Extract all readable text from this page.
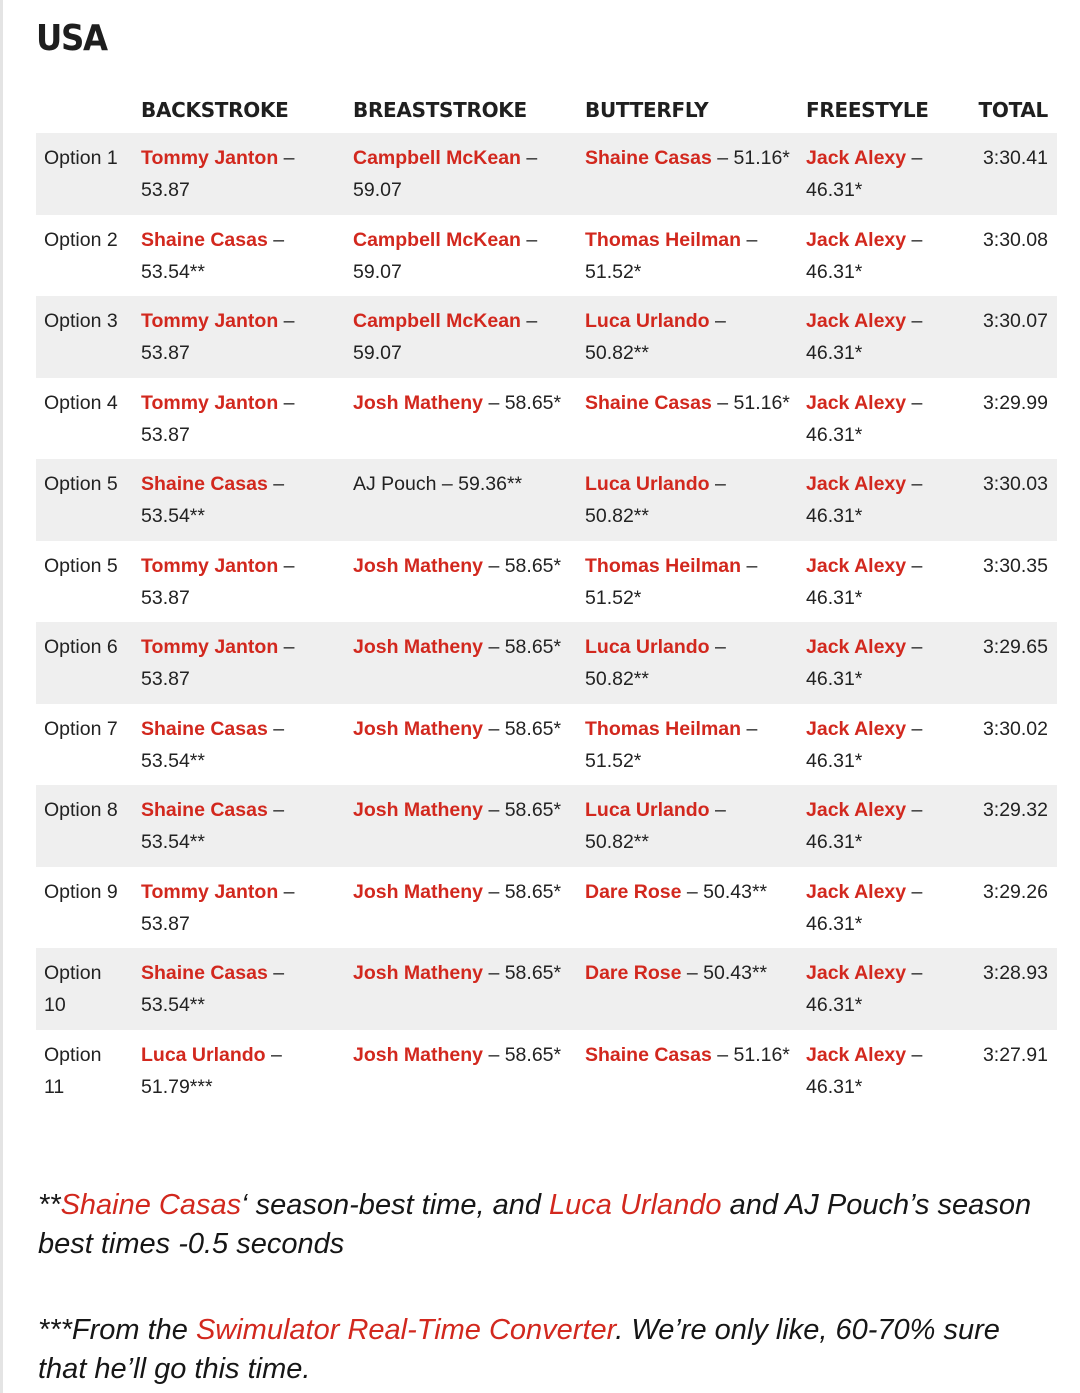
USA
	BACKSTROKE	BREASTSTROKE	BUTTERFLY	FREESTYLE	TOTAL
Option 1	Tommy Janton – 53.87	Campbell McKean – 59.07	Shaine Casas – 51.16*	Jack Alexy – 46.31*	3:30.41
Option 2	Shaine Casas – 53.54**	Campbell McKean – 59.07	Thomas Heilman – 51.52*	Jack Alexy – 46.31*	3:30.08
Option 3	Tommy Janton – 53.87	Campbell McKean – 59.07	Luca Urlando – 50.82**	Jack Alexy – 46.31*	3:30.07
Option 4	Tommy Janton – 53.87	Josh Matheny – 58.65*	Shaine Casas – 51.16*	Jack Alexy – 46.31*	3:29.99
Option 5	Shaine Casas – 53.54**	AJ Pouch – 59.36**	Luca Urlando – 50.82**	Jack Alexy – 46.31*	3:30.03
Option 5	Tommy Janton – 53.87	Josh Matheny – 58.65*	Thomas Heilman – 51.52*	Jack Alexy – 46.31*	3:30.35
Option 6	Tommy Janton – 53.87	Josh Matheny – 58.65*	Luca Urlando – 50.82**	Jack Alexy – 46.31*	3:29.65
Option 7	Shaine Casas – 53.54**	Josh Matheny – 58.65*	Thomas Heilman – 51.52*	Jack Alexy – 46.31*	3:30.02
Option 8	Shaine Casas – 53.54**	Josh Matheny – 58.65*	Luca Urlando – 50.82**	Jack Alexy – 46.31*	3:29.32
Option 9	Tommy Janton – 53.87	Josh Matheny – 58.65*	Dare Rose – 50.43**	Jack Alexy – 46.31*	3:29.26
Option 10	Shaine Casas – 53.54**	Josh Matheny – 58.65*	Dare Rose – 50.43**	Jack Alexy – 46.31*	3:28.93
Option 11	Luca Urlando – 51.79***	Josh Matheny – 58.65*	Shaine Casas – 51.16*	Jack Alexy – 46.31*	3:27.91

**Shaine Casas‘ season-best time, and Luca Urlando and AJ Pouch’s season best times -0.5 seconds

***From the Swimulator Real-Time Converter. We’re only like, 60-70% sure that he’ll go this time.
